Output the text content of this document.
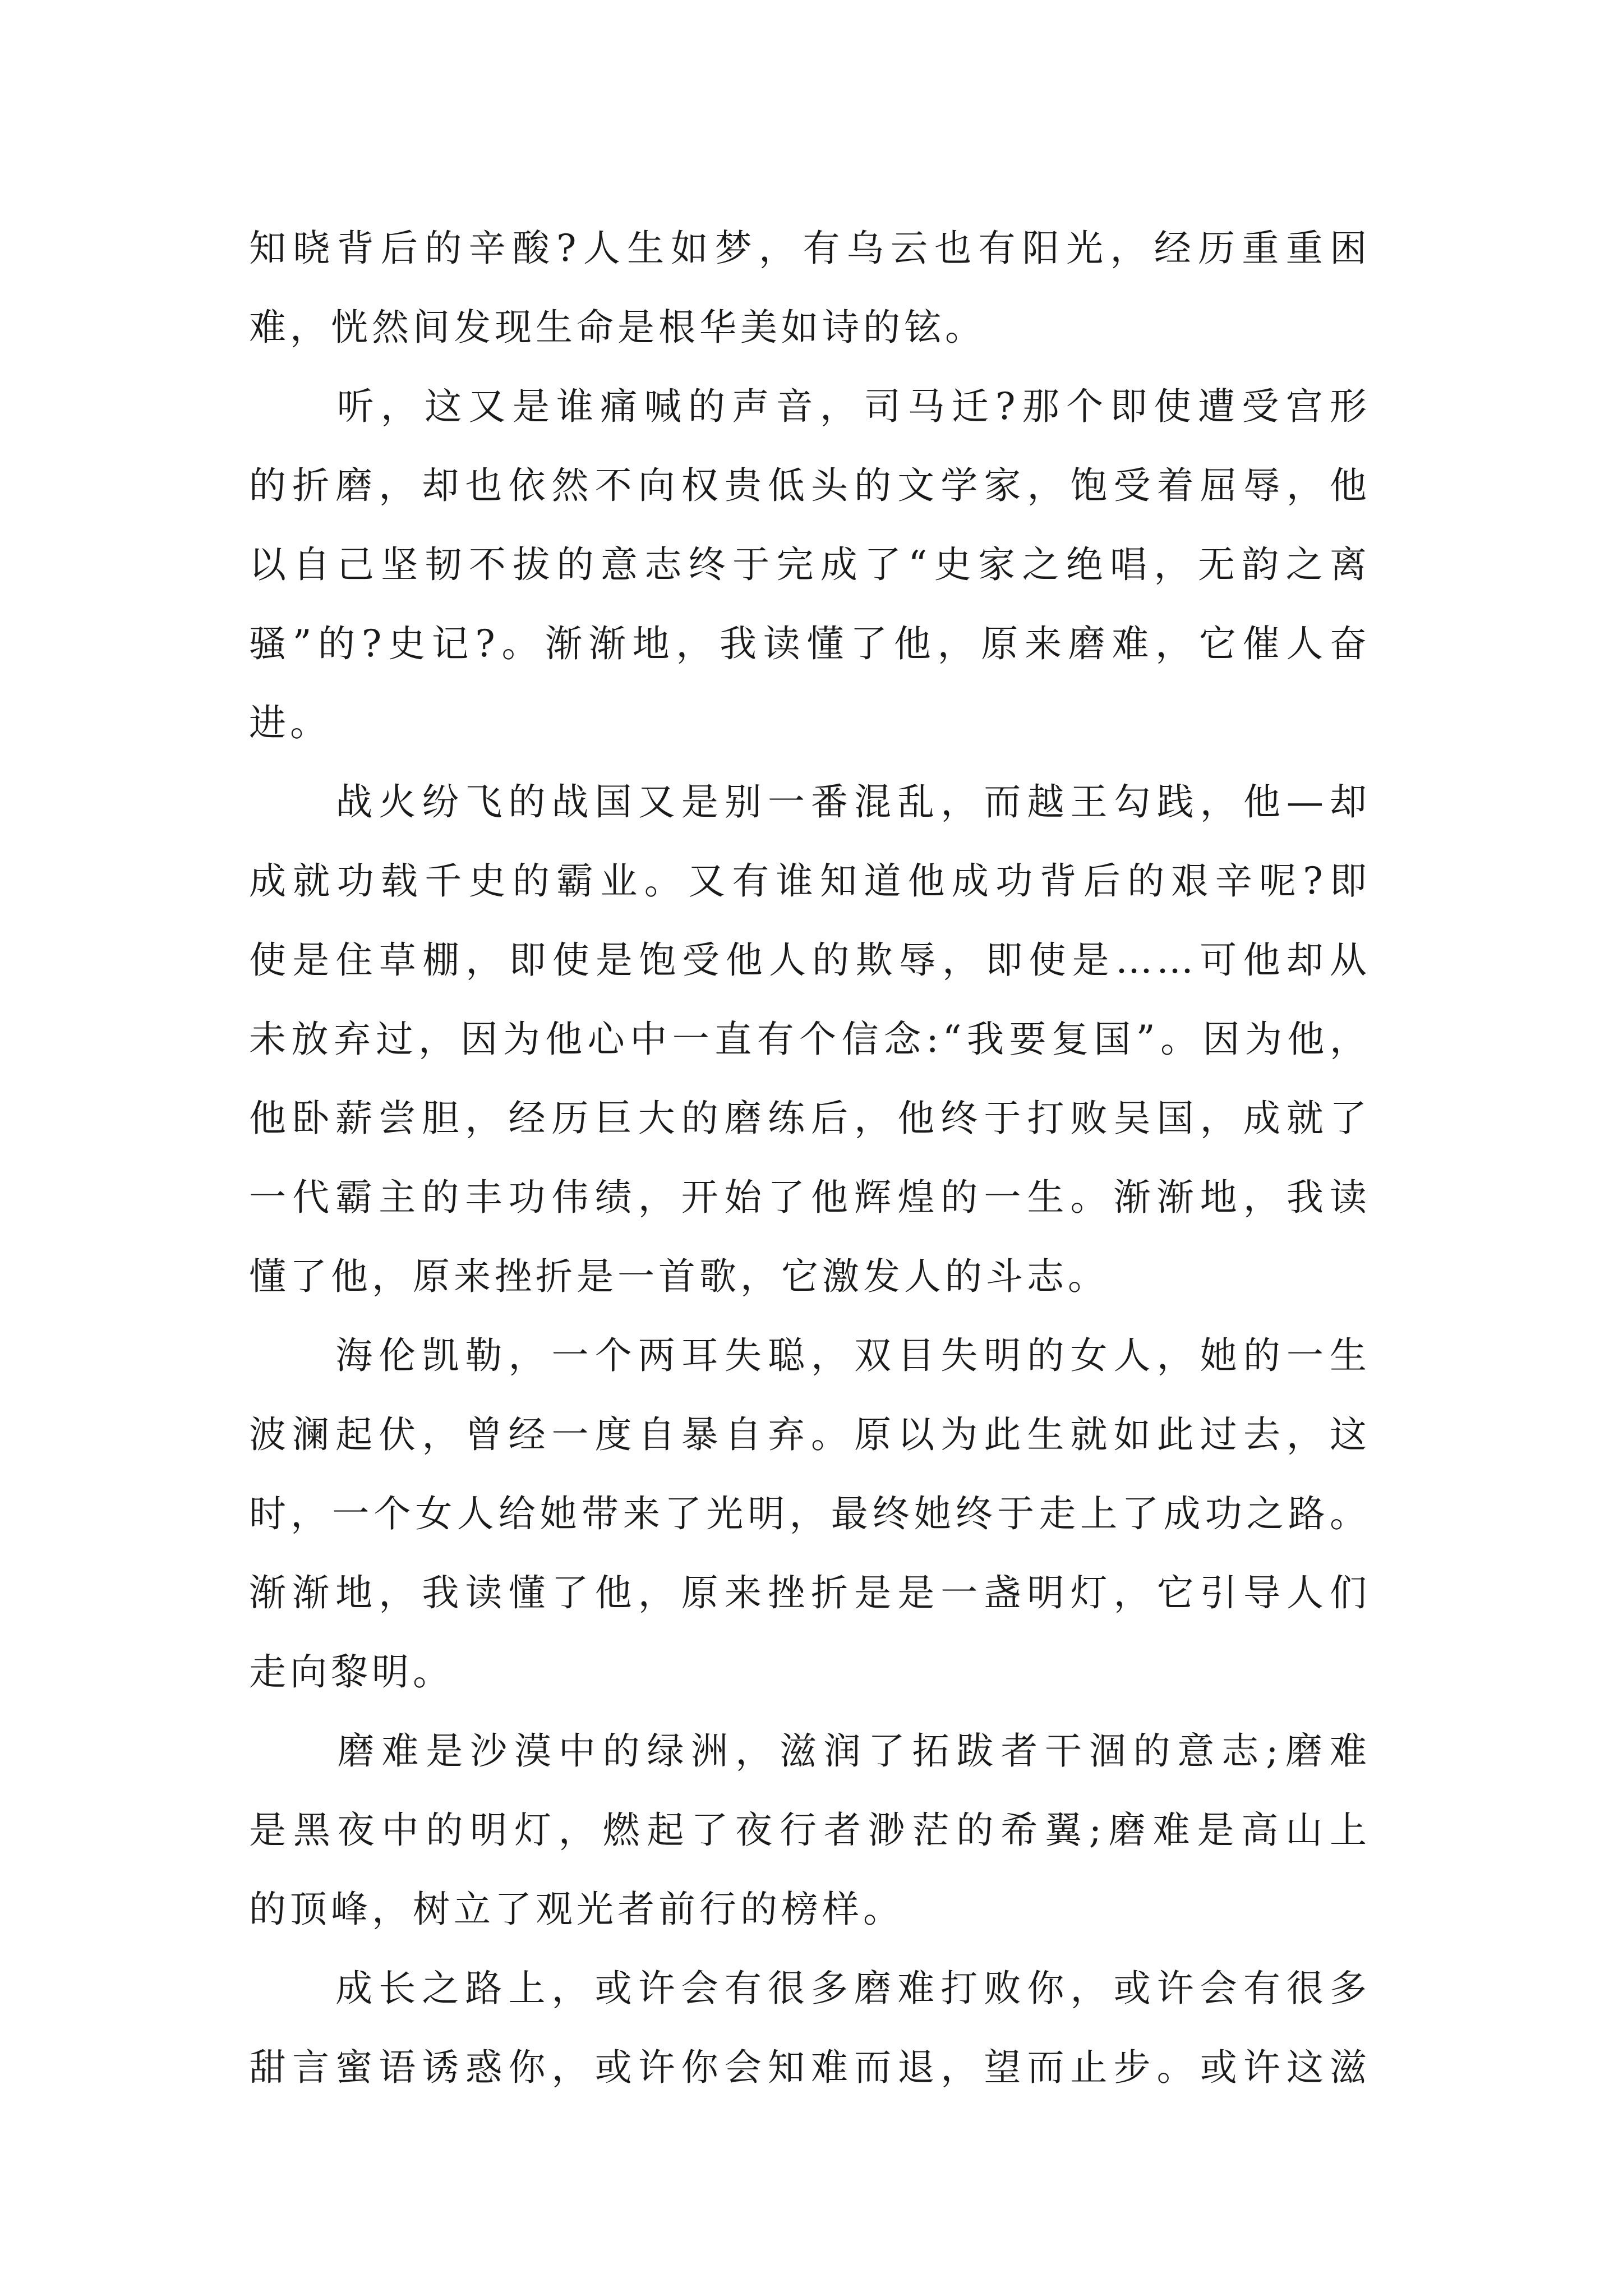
知晓背后的辛酸?人生如梦，有乌云也有阳光，经历重重困
难，恍然间发现生命是根华美如诗的铉。
　　听，这又是谁痛喊的声音，司马迁?那个即使遭受宫形
的折磨，却也依然不向权贵低头的文学家，饱受着屈辱，他
以自己坚韧不拔的意志终于完成了“史家之绝唱，无韵之离
骚”的?史记?。渐渐地，我读懂了他，原来磨难，它催人奋
进。
　　战火纷飞的战国又是别一番混乱，而越王勾践，他—却
成就功载千史的霸业。又有谁知道他成功背后的艰辛呢?即
使是住草棚，即使是饱受他人的欺辱，即使是……可他却从
未放弃过，因为他心中一直有个信念:“我要复国”。因为他，
他卧薪尝胆，经历巨大的磨练后，他终于打败吴国，成就了
一代霸主的丰功伟绩，开始了他辉煌的一生。渐渐地，我读
懂了他，原来挫折是一首歌，它激发人的斗志。
　　海伦凯勒，一个两耳失聪，双目失明的女人，她的一生
波澜起伏，曾经一度自暴自弃。原以为此生就如此过去，这
时，一个女人给她带来了光明，最终她终于走上了成功之路。
渐渐地，我读懂了他，原来挫折是是一盏明灯，它引导人们
走向黎明。
　　磨难是沙漠中的绿洲，滋润了拓跋者干涸的意志;磨难
是黑夜中的明灯，燃起了夜行者渺茫的希翼;磨难是高山上
的顶峰，树立了观光者前行的榜样。
　　成长之路上，或许会有很多磨难打败你，或许会有很多
甜言蜜语诱惑你，或许你会知难而退，望而止步。或许这滋
